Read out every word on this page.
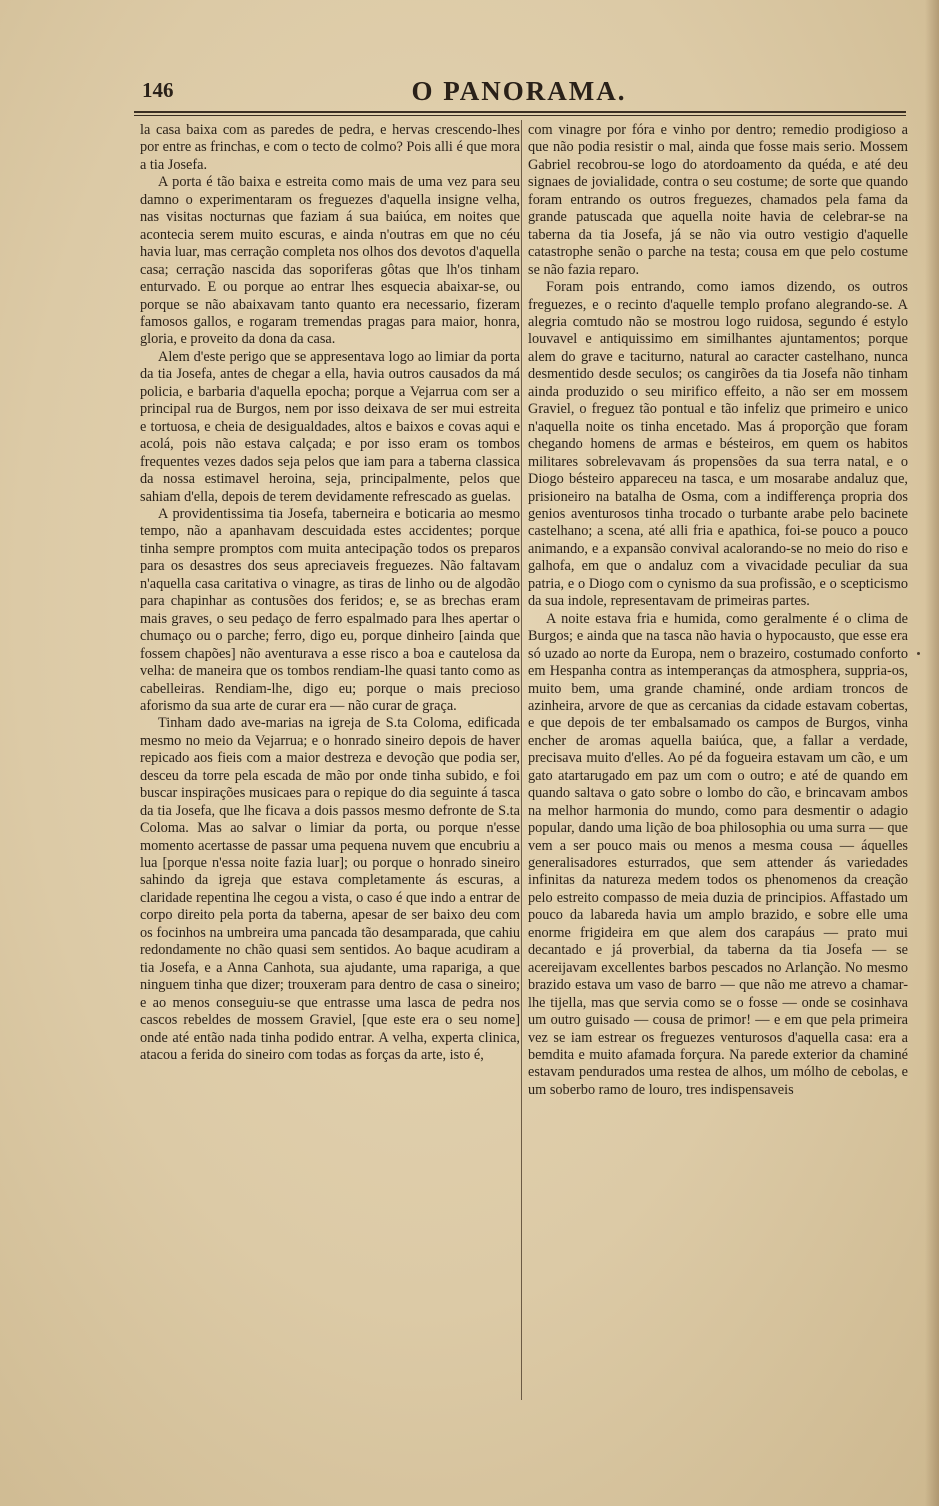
146	O PANORAMA.

la casa baixa com as paredes de pedra, e hervas crescendo-lhes por entre as frinchas, e com o tecto de colmo? Pois alli é que mora a tia Josefa.

A porta é tão baixa e estreita como mais de uma vez para seu damno o experimentaram os freguezes d'aquella insigne velha, nas visitas nocturnas que faziam á sua baiúca, em noites que acontecia serem muito escuras, e ainda n'outras em que no céu havia luar, mas cerração completa nos olhos dos devotos d'aquella casa; cerração nascida das soporiferas gôtas que lh'os tinham enturvado. E ou porque ao entrar lhes esquecia abaixar-se, ou porque se não abaixavam tanto quanto era necessario, fizeram famosos gallos, e rogaram tremendas pragas para maior, honra, gloria, e proveito da dona da casa.

Alem d'este perigo que se appresentava logo ao limiar da porta da tia Josefa, antes de chegar a ella, havia outros causados da má policia, e barbaria d'aquella epocha; porque a Vejarrua com ser a principal rua de Burgos, nem por isso deixava de ser mui estreita e tortuosa, e cheia de desigualdades, altos e baixos e covas aqui e acolá, pois não estava calçada; e por isso eram os tombos frequentes vezes dados seja pelos que iam para a taberna classica da nossa estimavel heroina, seja, principalmente, pelos que sahiam d'ella, depois de terem devidamente refrescado as guelas.

A providentissima tia Josefa, taberneira e boticaria ao mesmo tempo, não a apanhavam descuidada estes accidentes; porque tinha sempre promptos com muita antecipação todos os preparos para os desastres dos seus apreciaveis freguezes. Não faltavam n'aquella casa caritativa o vinagre, as tiras de linho ou de algodão para chapinhar as contusões dos feridos; e, se as brechas eram mais graves, o seu pedaço de ferro espalmado para lhes apertar o chumaço ou o parche; ferro, digo eu, porque dinheiro [ainda que fossem chapões] não aventurava a esse risco a boa e cautelosa da velha: de maneira que os tombos rendiam-lhe quasi tanto como as cabelleiras. Rendiam-lhe, digo eu; porque o mais precioso aforismo da sua arte de curar era — não curar de graça.

Tinham dado ave-marias na igreja de S.ta Coloma, edificada mesmo no meio da Vejarrua; e o honrado sineiro depois de haver repicado aos fieis com a maior destreza e devoção que podia ser, desceu da torre pela escada de mão por onde tinha subido, e foi buscar inspirações musicaes para o repique do dia seguinte á tasca da tia Josefa, que lhe ficava a dois passos mesmo defronte de S.ta Coloma. Mas ao salvar o limiar da porta, ou porque n'esse momento acertasse de passar uma pequena nuvem que encubriu a lua [porque n'essa noite fazia luar]; ou porque o honrado sineiro sahindo da igreja que estava completamente ás escuras, a claridade repentina lhe cegou a vista, o caso é que indo a entrar de corpo direito pela porta da taberna, apesar de ser baixo deu com os focinhos na umbreira uma pancada tão desamparada, que cahiu redondamente no chão quasi sem sentidos. Ao baque acudiram a tia Josefa, e a Anna Canhota, sua ajudante, uma rapariga, a que ninguem tinha que dizer; trouxeram para dentro de casa o sineiro; e ao menos conseguiu-se que entrasse uma lasca de pedra nos cascos rebeldes de mossem Graviel, [que este era o seu nome] onde até então nada tinha podido entrar. A velha, experta clinica, atacou a ferida do sineiro com todas as forças da arte, isto é,

com vinagre por fóra e vinho por dentro; remedio prodigioso a que não podia resistir o mal, ainda que fosse mais serio. Mossem Gabriel recobrou-se logo do atordoamento da quéda, e até deu signaes de jovialidade, contra o seu costume; de sorte que quando foram entrando os outros freguezes, chamados pela fama da grande patuscada que aquella noite havia de celebrar-se na taberna da tia Josefa, já se não via outro vestigio d'aquelle catastrophe senão o parche na testa; cousa em que pelo costume se não fazia reparo.

Foram pois entrando, como iamos dizendo, os outros freguezes, e o recinto d'aquelle templo profano alegrando-se. A alegria comtudo não se mostrou logo ruidosa, segundo é estylo louvavel e antiquissimo em similhantes ajuntamentos; porque alem do grave e taciturno, natural ao caracter castelhano, nunca desmentido desde seculos; os cangirões da tia Josefa não tinham ainda produzido o seu mirifico effeito, a não ser em mossem Graviel, o freguez tão pontual e tão infeliz que primeiro e unico n'aquella noite os tinha encetado. Mas á proporção que foram chegando homens de armas e bésteiros, em quem os habitos militares sobrelevavam ás propensões da sua terra natal, e o Diogo bésteiro appareceu na tasca, e um mosarabe andaluz que, prisioneiro na batalha de Osma, com a indifferença propria dos genios aventurosos tinha trocado o turbante arabe pelo bacinete castelhano; a scena, até alli fria e apathica, foi-se pouco a pouco animando, e a expansão convival acalorando-se no meio do riso e galhofa, em que o andaluz com a vivacidade peculiar da sua patria, e o Diogo com o cynismo da sua profissão, e o scepticismo da sua indole, representavam de primeiras partes.

A noite estava fria e humida, como geralmente é o clima de Burgos; e ainda que na tasca não havia o hypocausto, que esse era só uzado ao norte da Europa, nem o brazeiro, costumado conforto em Hespanha contra as intemperanças da atmosphera, suppria-os, muito bem, uma grande chaminé, onde ardiam troncos de azinheira, arvore de que as cercanias da cidade estavam cobertas, e que depois de ter embalsamado os campos de Burgos, vinha encher de aromas aquella baiúca, que, a fallar a verdade, precisava muito d'elles. Ao pé da fogueira estavam um cão, e um gato atartarugado em paz um com o outro; e até de quando em quando saltava o gato sobre o lombo do cão, e brincavam ambos na melhor harmonia do mundo, como para desmentir o adagio popular, dando uma lição de boa philosophia ou uma surra — que vem a ser pouco mais ou menos a mesma cousa — áquelles generalisadores esturrados, que sem attender ás variedades infinitas da natureza medem todos os phenomenos da creação pelo estreito compasso de meia duzia de principios. Affastado um pouco da labareda havia um amplo brazido, e sobre elle uma enorme frigideira em que alem dos carapáus — prato mui decantado e já proverbial, da taberna da tia Josefa — se acereijavam excellentes barbos pescados no Arlanção. No mesmo brazido estava um vaso de barro — que não me atrevo a chamar-lhe tijella, mas que servia como se o fosse — onde se cosinhava um outro guisado — cousa de primor! — e em que pela primeira vez se iam estrear os freguezes venturosos d'aquella casa: era a bemdita e muito afamada forçura. Na parede exterior da chaminé estavam pendurados uma restea de alhos, um mólho de cebolas, e um soberbo ramo de louro, tres indispensaveis
